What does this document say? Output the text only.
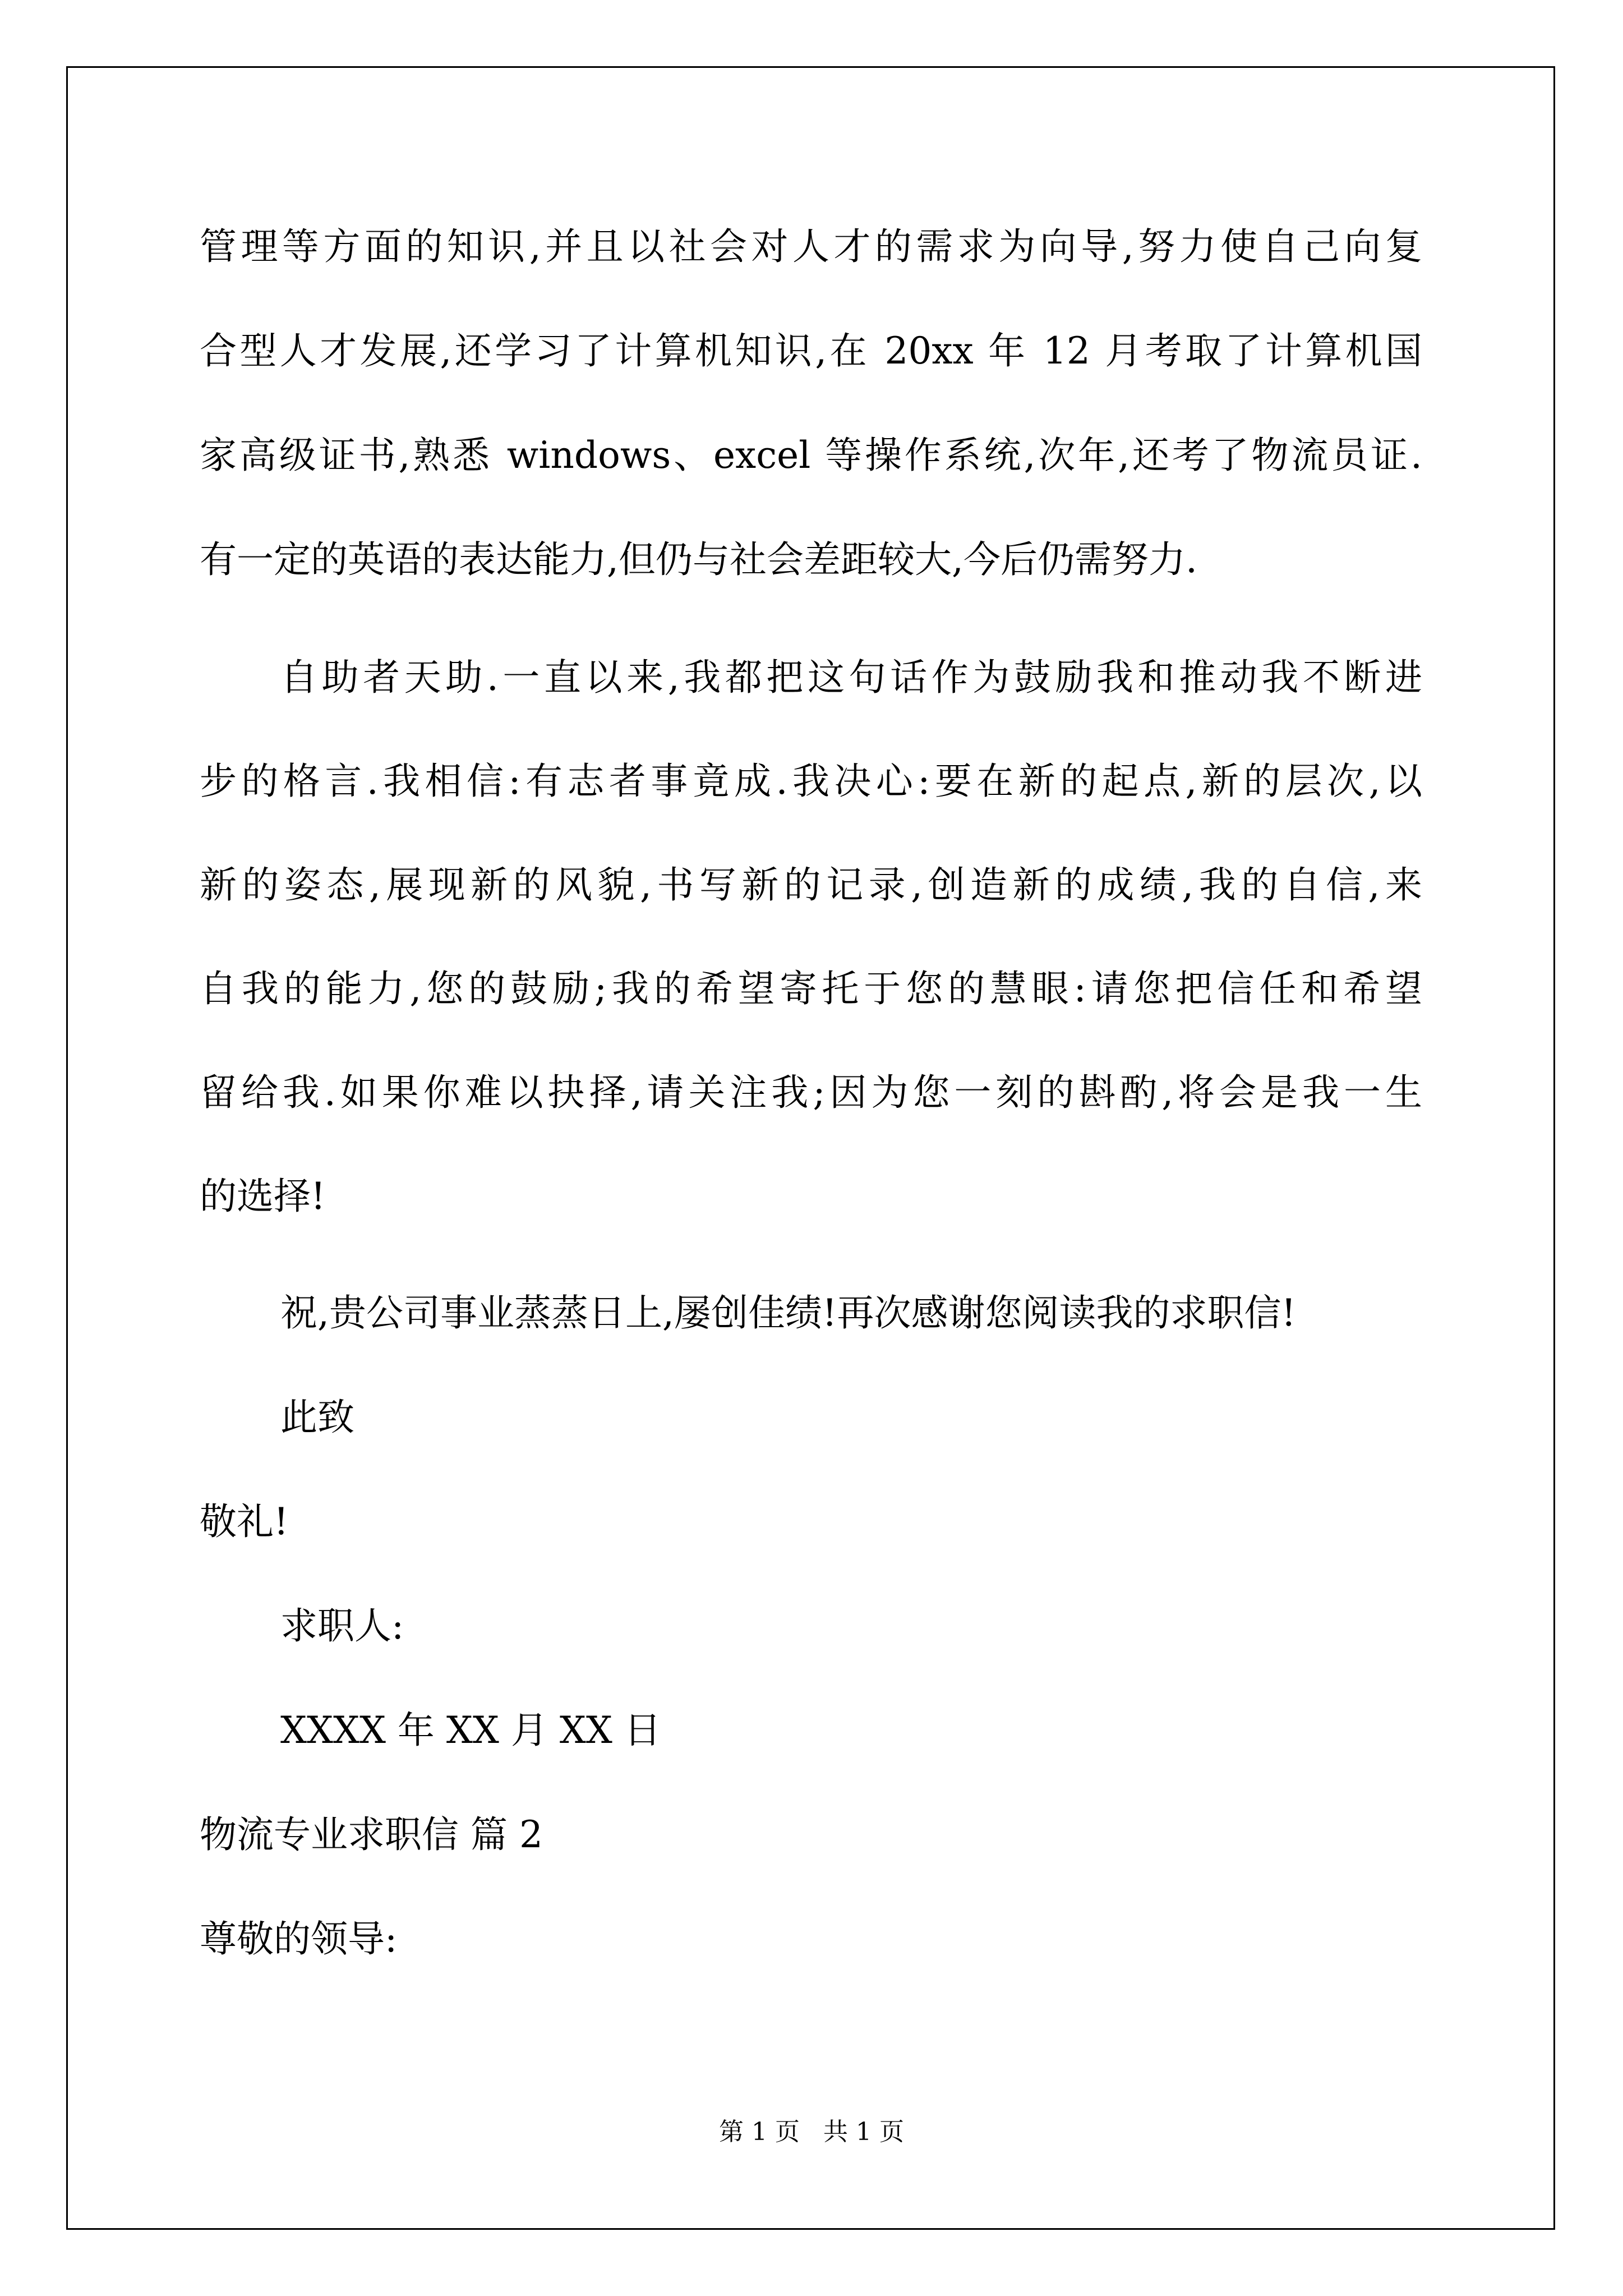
管理等方面的知识,并且以社会对人才的需求为向导,努力使自己向复
合型人才发展,还学习了计算机知识,在 20xx 年 12 月考取了计算机国
家高级证书,熟悉 windows、excel 等操作系统,次年,还考了物流员证.
有一定的英语的表达能力,但仍与社会差距较大,今后仍需努力.
自助者天助.一直以来,我都把这句话作为鼓励我和推动我不断进
步的格言.我相信:有志者事竟成.我决心:要在新的起点,新的层次,以
新的姿态,展现新的风貌,书写新的记录,创造新的成绩,我的自信,来
自我的能力,您的鼓励;我的希望寄托于您的慧眼:请您把信任和希望
留给我.如果你难以抉择,请关注我;因为您一刻的斟酌,将会是我一生
的选择!
祝,贵公司事业蒸蒸日上,屡创佳绩!再次感谢您阅读我的求职信!
此致
敬礼!
求职人:
XXXX 年 XX 月 XX 日
物流专业求职信 篇 2
尊敬的领导:
第 1 页   共 1 页
